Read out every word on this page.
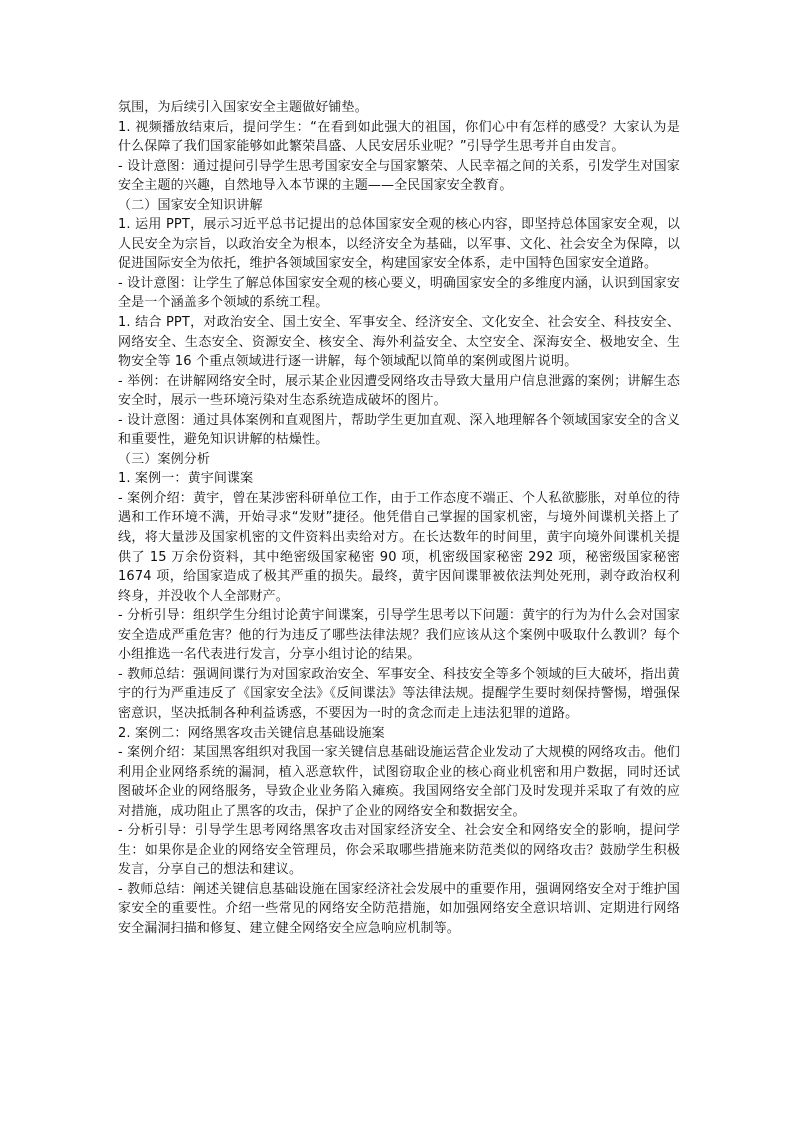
氛围，为后续引入国家安全主题做好铺垫。

1. 视频播放结束后，提问学生：“在看到如此强大的祖国，你们心中有怎样的感受？大家认为是什么保障了我们国家能够如此繁荣昌盛、人民安居乐业呢？”引导学生思考并自由发言。

- 设计意图：通过提问引导学生思考国家安全与国家繁荣、人民幸福之间的关系，引发学生对国家安全主题的兴趣，自然地导入本节课的主题——全民国家安全教育。

（二）国家安全知识讲解

1. 运用 PPT，展示习近平总书记提出的总体国家安全观的核心内容，即坚持总体国家安全观，以人民安全为宗旨，以政治安全为根本，以经济安全为基础，以军事、文化、社会安全为保障，以促进国际安全为依托，维护各领域国家安全，构建国家安全体系，走中国特色国家安全道路。

- 设计意图：让学生了解总体国家安全观的核心要义，明确国家安全的多维度内涵，认识到国家安全是一个涵盖多个领域的系统工程。

1. 结合 PPT，对政治安全、国土安全、军事安全、经济安全、文化安全、社会安全、科技安全、网络安全、生态安全、资源安全、核安全、海外利益安全、太空安全、深海安全、极地安全、生物安全等 16 个重点领域进行逐一讲解，每个领域配以简单的案例或图片说明。

- 举例：在讲解网络安全时，展示某企业因遭受网络攻击导致大量用户信息泄露的案例；讲解生态安全时，展示一些环境污染对生态系统造成破坏的图片。

- 设计意图：通过具体案例和直观图片，帮助学生更加直观、深入地理解各个领域国家安全的含义和重要性，避免知识讲解的枯燥性。

（三）案例分析

1. 案例一：黄宇间谍案

- 案例介绍：黄宇，曾在某涉密科研单位工作，由于工作态度不端正、个人私欲膨胀，对单位的待遇和工作环境不满，开始寻求“发财”捷径。他凭借自己掌握的国家机密，与境外间谍机关搭上了线，将大量涉及国家机密的文件资料出卖给对方。在长达数年的时间里，黄宇向境外间谍机关提供了 15 万余份资料，其中绝密级国家秘密 90 项，机密级国家秘密 292 项，秘密级国家秘密 1674 项，给国家造成了极其严重的损失。最终，黄宇因间谍罪被依法判处死刑，剥夺政治权利终身，并没收个人全部财产。

- 分析引导：组织学生分组讨论黄宇间谍案，引导学生思考以下问题：黄宇的行为为什么会对国家安全造成严重危害？他的行为违反了哪些法律法规？我们应该从这个案例中吸取什么教训？每个小组推选一名代表进行发言，分享小组讨论的结果。

- 教师总结：强调间谍行为对国家政治安全、军事安全、科技安全等多个领域的巨大破坏，指出黄宇的行为严重违反了《国家安全法》《反间谍法》等法律法规。提醒学生要时刻保持警惕，增强保密意识，坚决抵制各种利益诱惑，不要因为一时的贪念而走上违法犯罪的道路。

2. 案例二：网络黑客攻击关键信息基础设施案

- 案例介绍：某国黑客组织对我国一家关键信息基础设施运营企业发动了大规模的网络攻击。他们利用企业网络系统的漏洞，植入恶意软件，试图窃取企业的核心商业机密和用户数据，同时还试图破坏企业的网络服务，导致企业业务陷入瘫痪。我国网络安全部门及时发现并采取了有效的应对措施，成功阻止了黑客的攻击，保护了企业的网络安全和数据安全。

- 分析引导：引导学生思考网络黑客攻击对国家经济安全、社会安全和网络安全的影响，提问学生：如果你是企业的网络安全管理员，你会采取哪些措施来防范类似的网络攻击？鼓励学生积极发言，分享自己的想法和建议。

- 教师总结：阐述关键信息基础设施在国家经济社会发展中的重要作用，强调网络安全对于维护国家安全的重要性。介绍一些常见的网络安全防范措施，如加强网络安全意识培训、定期进行网络安全漏洞扫描和修复、建立健全网络安全应急响应机制等。
